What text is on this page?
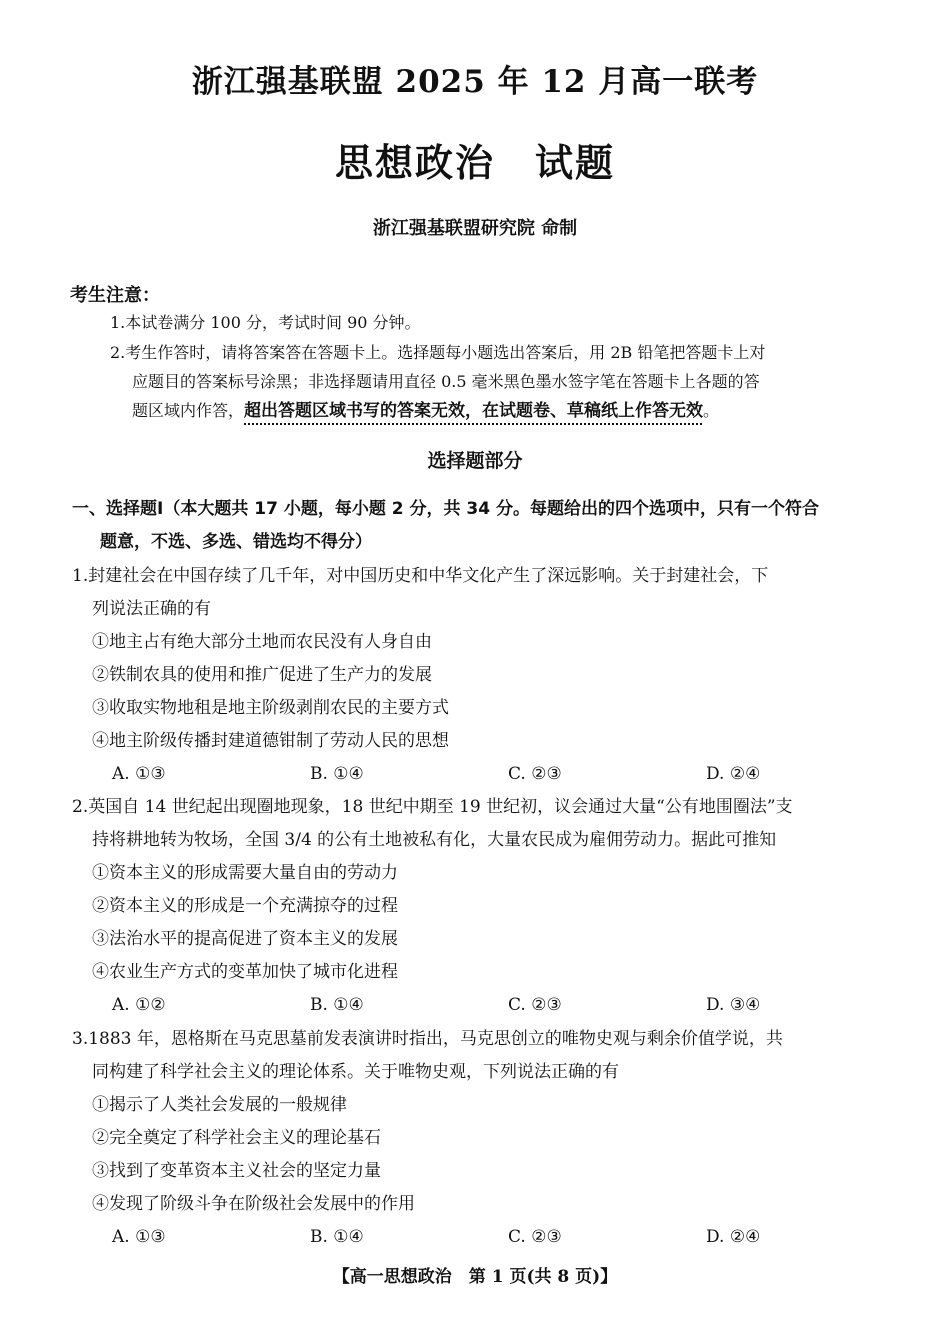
浙江强基联盟 2025 年 12 月高一联考
思想政治　试题
浙江强基联盟研究院 命制
考生注意：
1.本试卷满分 100 分，考试时间 90 分钟。
2.考生作答时，请将答案答在答题卡上。选择题每小题选出答案后，用 2B 铅笔把答题卡上对
应题目的答案标号涂黑；非选择题请用直径 0.5 毫米黑色墨水签字笔在答题卡上各题的答
题区域内作答，超出答题区域书写的答案无效，在试题卷、草稿纸上作答无效。
选择题部分
一、选择题Ⅰ（本大题共 17 小题，每小题 2 分，共 34 分。每题给出的四个选项中，只有一个符合
题意，不选、多选、错选均不得分）
1.封建社会在中国存续了几千年，对中国历史和中华文化产生了深远影响。关于封建社会，下
列说法正确的有
①地主占有绝大部分土地而农民没有人身自由
②铁制农具的使用和推广促进了生产力的发展
③收取实物地租是地主阶级剥削农民的主要方式
④地主阶级传播封建道德钳制了劳动人民的思想
A. ①③	B. ①④	C. ②③	D. ②④
2.英国自 14 世纪起出现圈地现象，18 世纪中期至 19 世纪初，议会通过大量“公有地围圈法”支
持将耕地转为牧场，全国 3/4 的公有土地被私有化，大量农民成为雇佣劳动力。据此可推知
①资本主义的形成需要大量自由的劳动力
②资本主义的形成是一个充满掠夺的过程
③法治水平的提高促进了资本主义的发展
④农业生产方式的变革加快了城市化进程
A. ①②	B. ①④	C. ②③	D. ③④
3.1883 年，恩格斯在马克思墓前发表演讲时指出，马克思创立的唯物史观与剩余价值学说，共
同构建了科学社会主义的理论体系。关于唯物史观，下列说法正确的有
①揭示了人类社会发展的一般规律
②完全奠定了科学社会主义的理论基石
③找到了变革资本主义社会的坚定力量
④发现了阶级斗争在阶级社会发展中的作用
A. ①③	B. ①④	C. ②③	D. ②④
【高一思想政治　第 1 页(共 8 页)】
